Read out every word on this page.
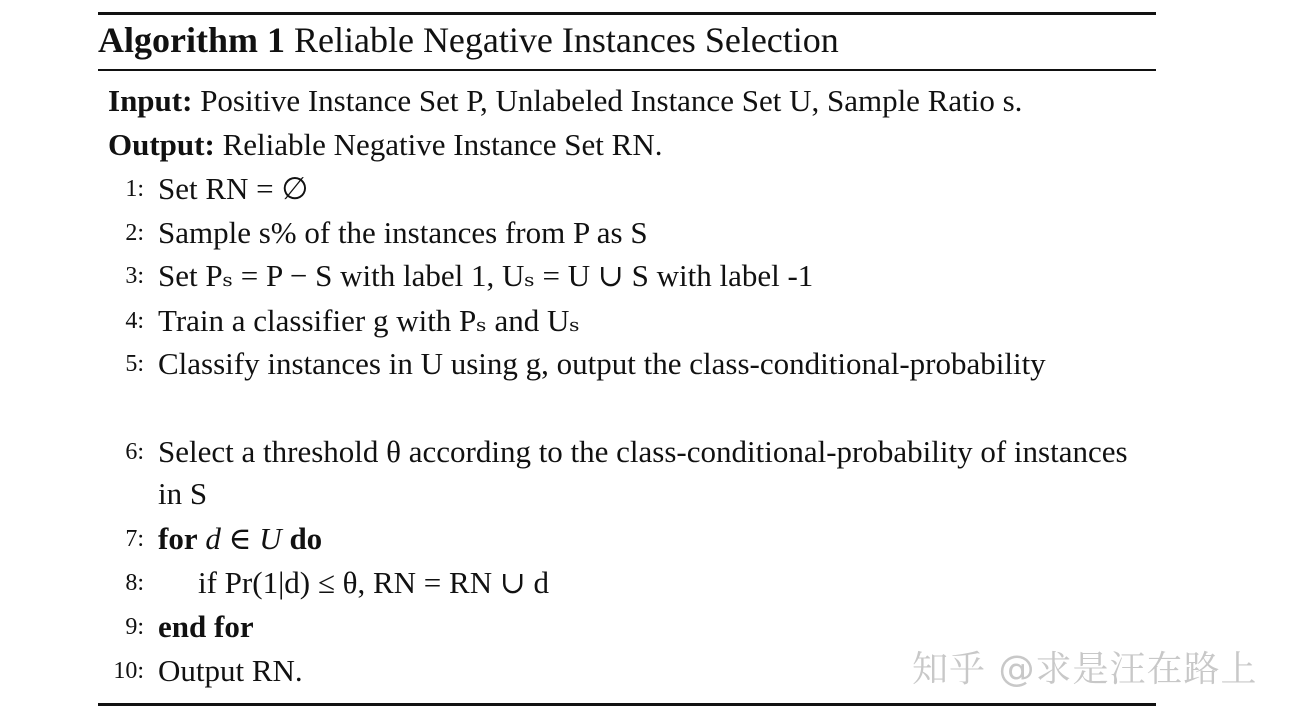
Algorithm 1 Reliable Negative Instances Selection
Input: Positive Instance Set P, Unlabeled Instance Set U, Sample Ratio s.
Output: Reliable Negative Instance Set RN.
1: Set RN = ∅
2: Sample s% of the instances from P as S
3: Set Pₛ = P − S with label 1, Uₛ = U ∪ S with label -1
4: Train a classifier g with Pₛ and Uₛ
5: Classify instances in U using g, output the class-conditional-probability
6: Select a threshold θ according to the class-conditional-probability of instances in S
7: for d ∈ U do
8: if Pr(1|d) ≤ θ, RN = RN ∪ d
9: end for
10: Output RN.	知乎 @求是汪在路上
